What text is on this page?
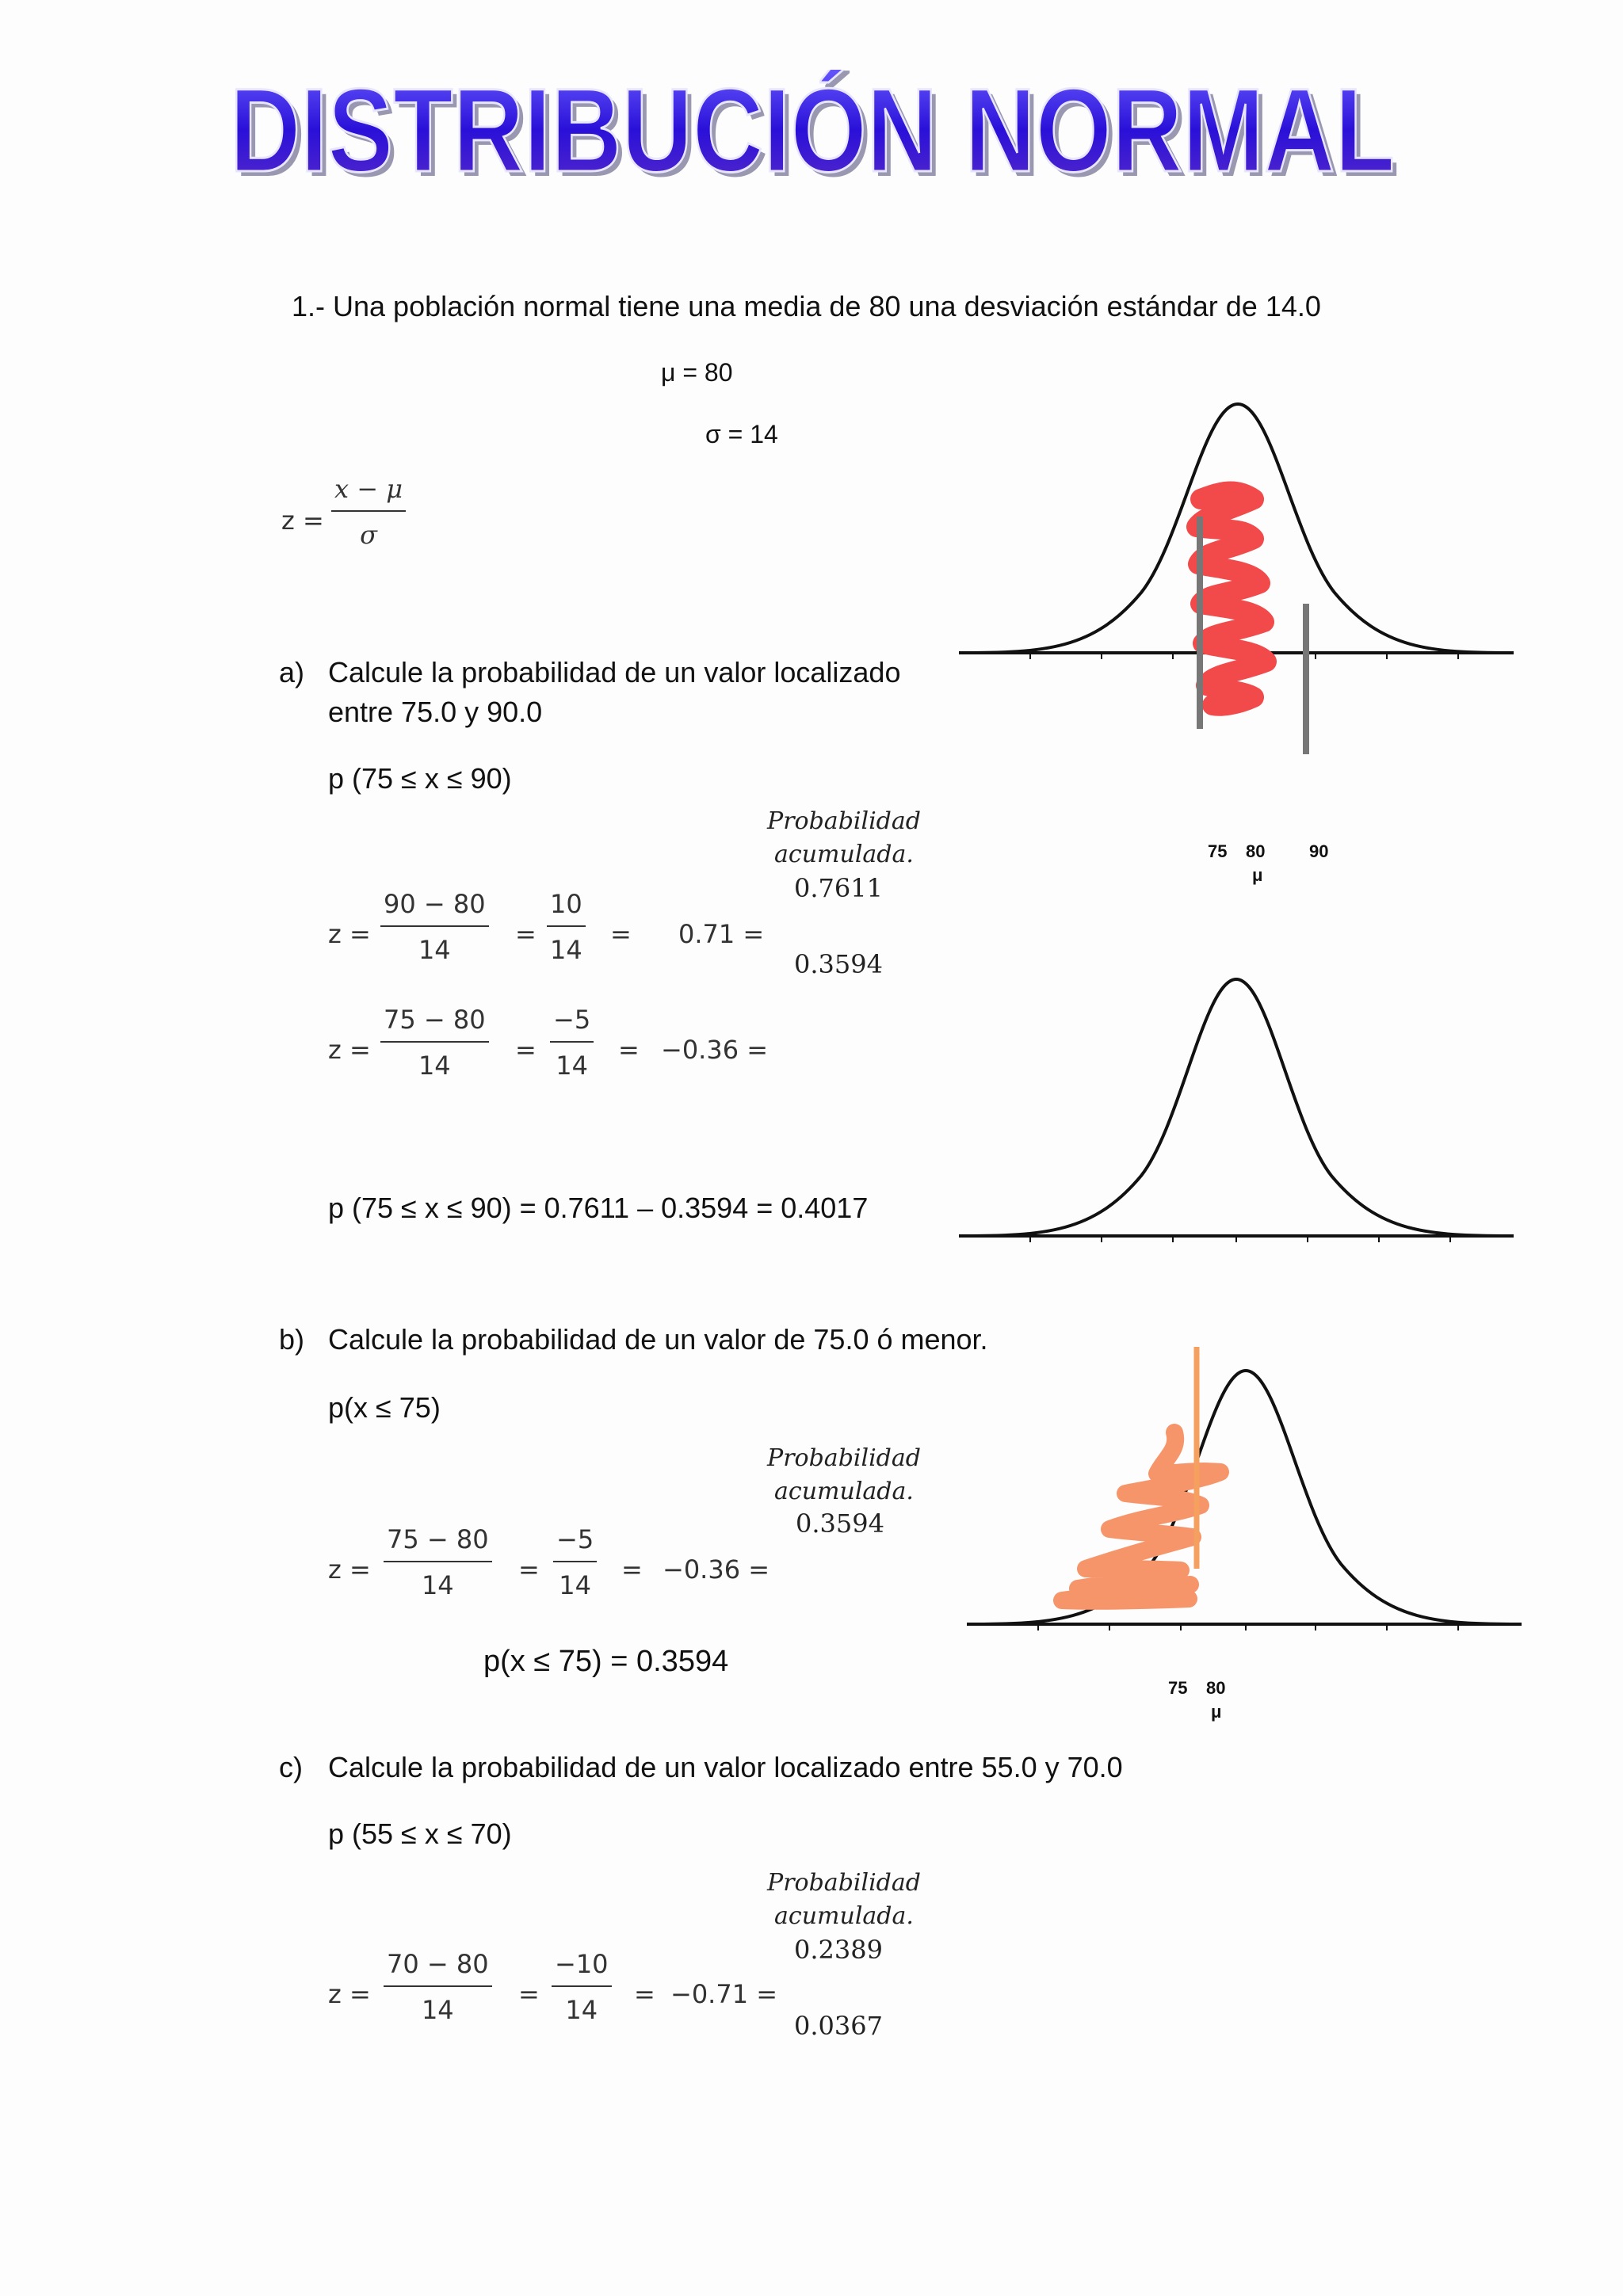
DISTRIBUCIÓN NORMAL
DISTRIBUCIÓN NORMAL
1.- Una población normal tiene una media de 80 una desviación estándar de 14.0
μ = 80
σ = 14
$z = \frac{x - \mu}{\sigma}$
a) Calcule la probabilidad de un valor localizado
entre 75.0 y 90.0
p (75 ≤ x ≤ 90)
Probabilidad
acumulada.
0.7611
0.3594
$z = \frac{90 - 80}{14} = \frac{10}{14} = 0.71$ =
$z = \frac{75 - 80}{14} = \frac{-5}{14} = -0.36$ =
p (75 ≤ x ≤ 90) = 0.7611 – 0.3594 = 0.4017
75 80	90
μ
b) Calcule la probabilidad de un valor de 75.0 ó menor.
p(x ≤ 75)
Probabilidad
acumulada.
0.3594
$z = \frac{75 - 80}{14} = \frac{-5}{14} = -0.36$ =
p(x ≤ 75) = 0.3594
75 80
μ
c) Calcule la probabilidad de un valor localizado entre 55.0 y 70.0
p (55 ≤ x ≤ 70)
Probabilidad
acumulada.
0.2389
0.0367
$z = \frac{70 - 80}{14} = \frac{-10}{14} = -0.71$ =
